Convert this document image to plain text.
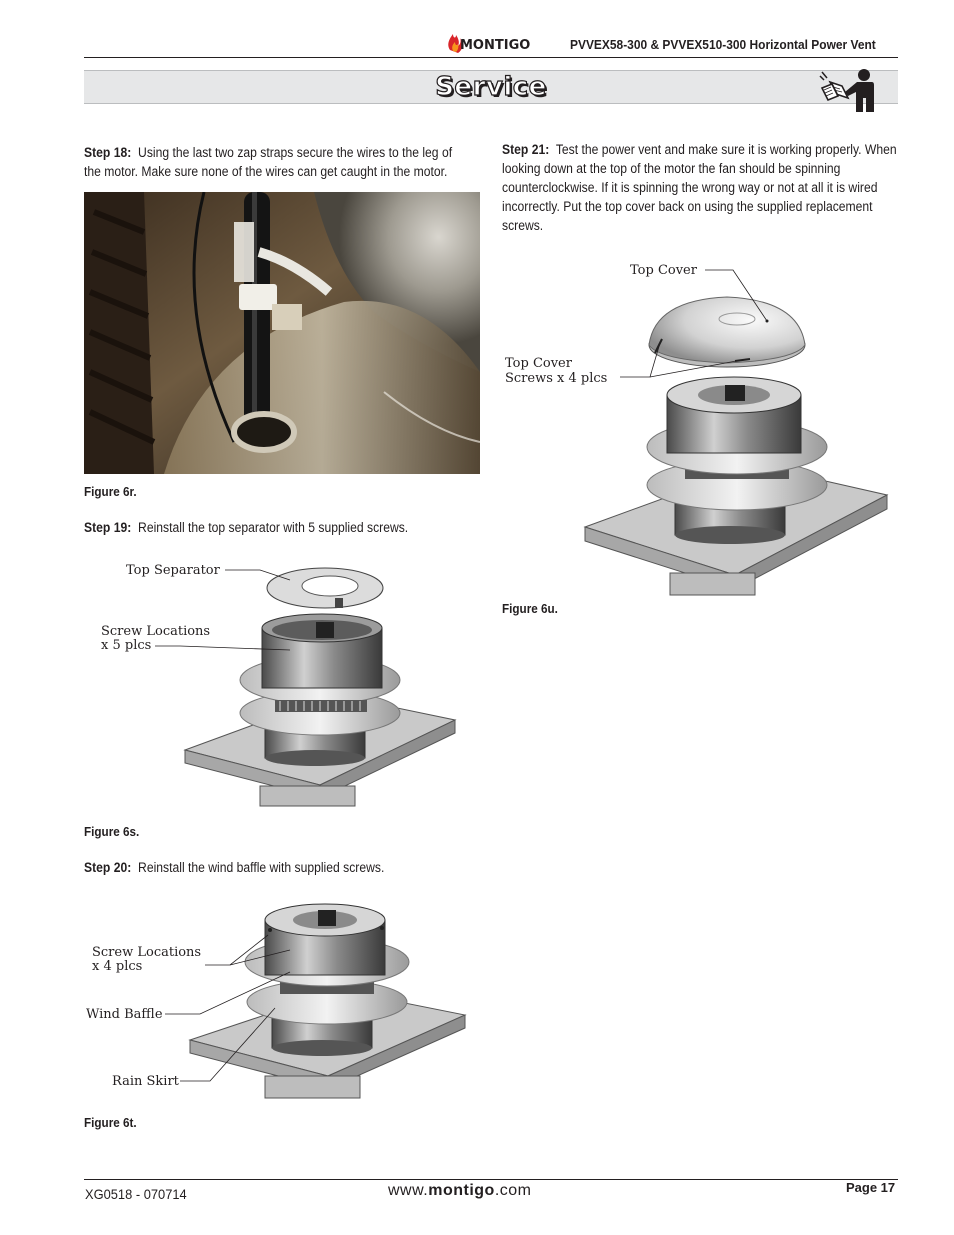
MONTIGO	PVVEX58-300 & PVVEX510-300 Horizontal Power Vent
Service
Step 18: Using the last two zap straps secure the wires to the leg of the motor. Make sure none of the wires can get caught in the motor.
Figure 6r.
Step 19: Reinstall the top separator with 5 supplied screws.
Top Separator
Screw Locations
x 5 plcs
Figure 6s.
Step 20: Reinstall the wind baffle with supplied screws.
Screw Locations
x 4 plcs
Wind Baffle
Rain Skirt
Figure 6t.
Step 21: Test the power vent and make sure it is working properly. When looking down at the top of the motor the fan should be spinning counterclockwise. If it is spinning the wrong way or not at all it is wired incorrectly. Put the top cover back on using the supplied replacement screws.
Top Cover
Top Cover
Screws x 4 plcs
Figure 6u.
XG0518 - 070714	www.montigo.com	Page 17
